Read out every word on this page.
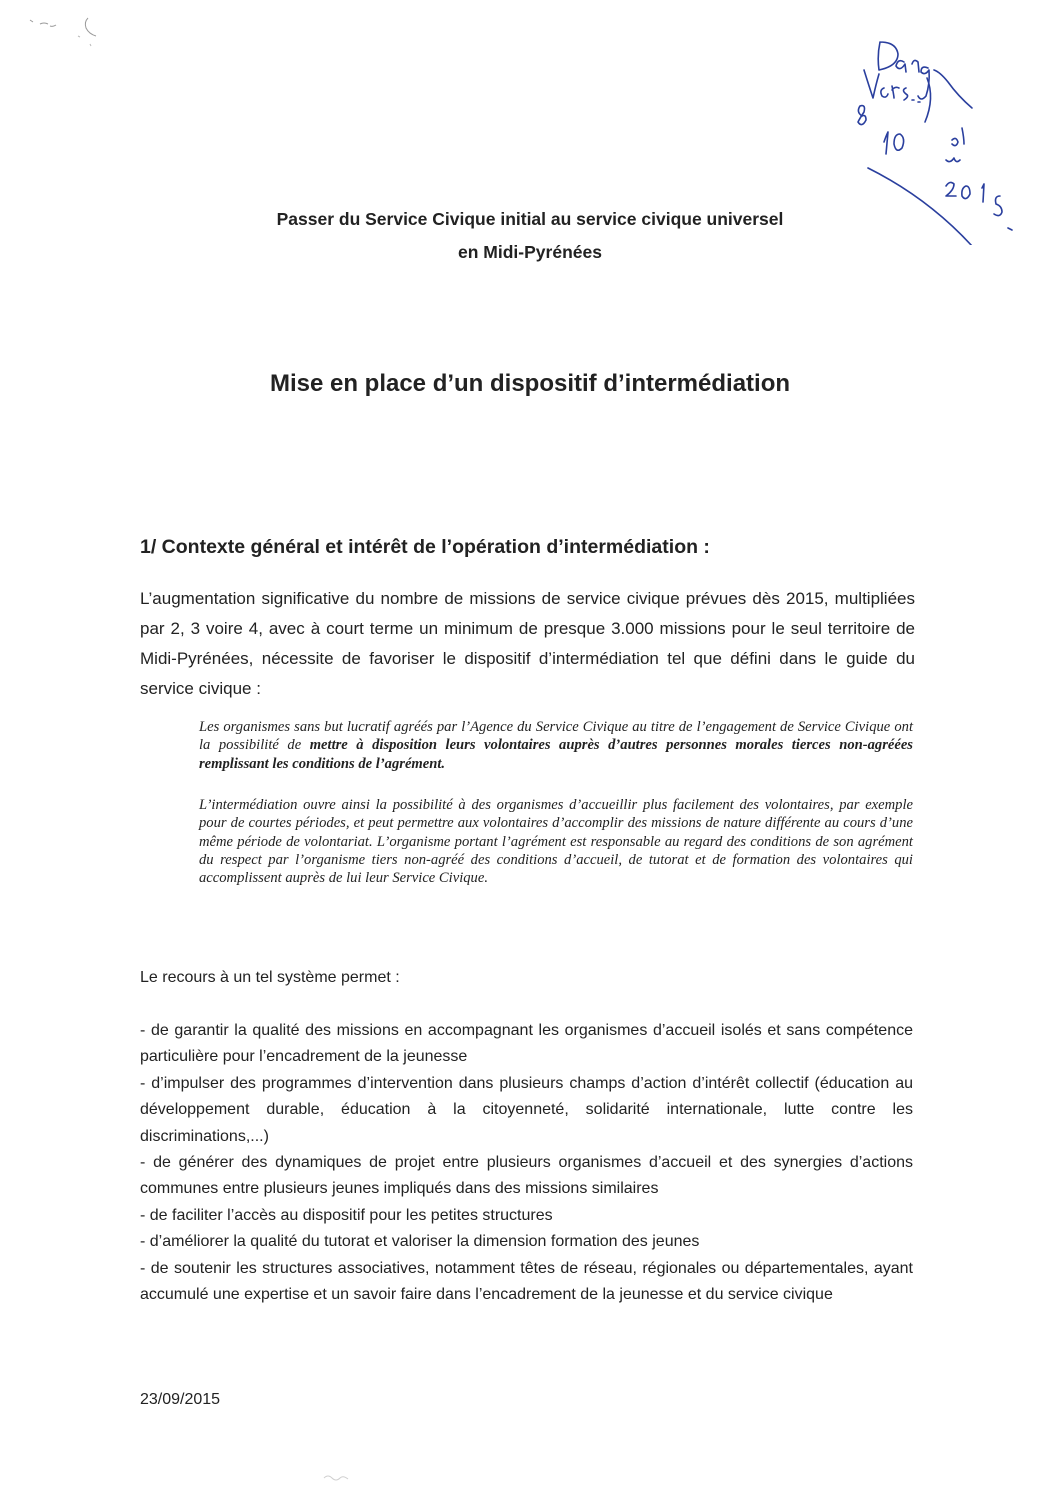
Passer du Service Civique initial au service civique universel
en Midi-Pyrénées
Mise en place d’un dispositif d’intermédiation
1/ Contexte général et intérêt de l’opération d’intermédiation :
L’augmentation significative du nombre de missions de service civique prévues dès 2015, multipliées par 2, 3 voire 4, avec à court terme un minimum de presque 3.000 missions pour le seul territoire de Midi-Pyrénées, nécessite de favoriser le dispositif d’intermédiation tel que défini dans le guide du service civique :
Les organismes sans but lucratif agréés par l’Agence du Service Civique au titre de l’engagement de Service Civique ont la possibilité de mettre à disposition leurs volontaires auprès d’autres personnes morales tierces non-agréées remplissant les conditions de l’agrément.
L’intermédiation ouvre ainsi la possibilité à des organismes d’accueillir plus facilement des volontaires, par exemple pour de courtes périodes, et peut permettre aux volontaires d’accomplir des missions de nature différente au cours d’une même période de volontariat. L’organisme portant l’agrément est responsable au regard des conditions de son agrément du respect par l’organisme tiers non-agréé des conditions d’accueil, de tutorat et de formation des volontaires qui accomplissent auprès de lui leur Service Civique.
Le recours à un tel système permet :

- de garantir la qualité des missions en accompagnant les organismes d’accueil isolés et sans compétence particulière pour l’encadrement de la jeunesse

- d’impulser des programmes d’intervention dans plusieurs champs d’action d’intérêt collectif (éducation au développement durable, éducation à la citoyenneté, solidarité internationale, lutte contre les discriminations,...)

- de générer des dynamiques de projet entre plusieurs organismes d’accueil et des synergies d’actions communes entre plusieurs jeunes impliqués dans des missions similaires

- de faciliter l’accès au dispositif pour les petites structures

- d’améliorer la qualité du tutorat et valoriser la dimension formation des jeunes

- de soutenir les structures associatives, notamment têtes de réseau, régionales ou départementales, ayant accumulé une expertise et un savoir faire dans l’encadrement de la jeunesse et du service civique

23/09/2015
